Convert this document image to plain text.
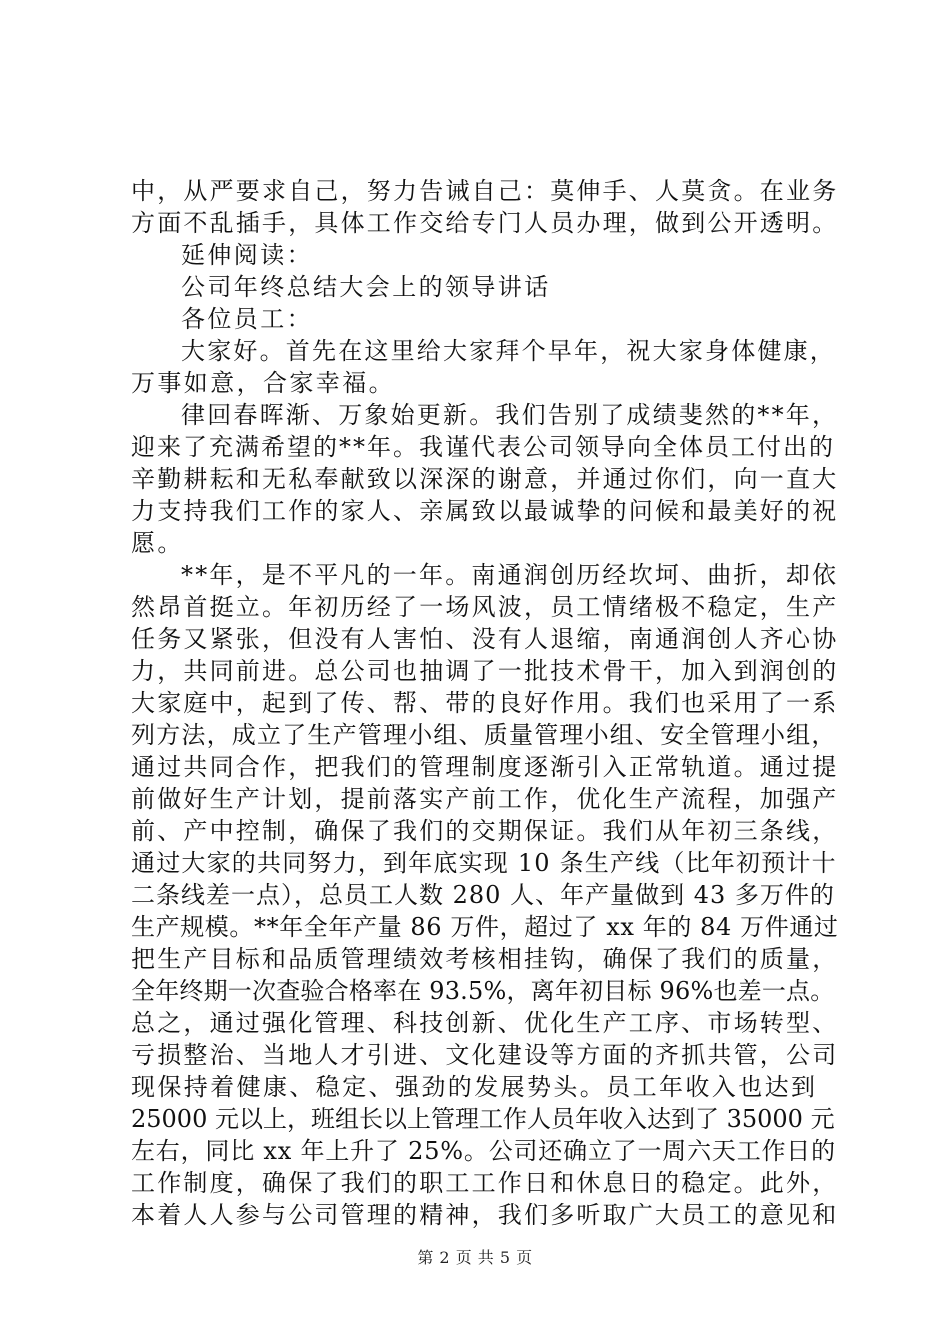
中，从严要求自己，努力告诫自己：莫伸手、人莫贪。在业务
方面不乱插手，具体工作交给专门人员办理，做到公开透明。
延伸阅读：
公司年终总结大会上的领导讲话
各位员工：
大家好。首先在这里给大家拜个早年，祝大家身体健康，
万事如意，合家幸福。
律回春晖渐、万象始更新。我们告别了成绩斐然的**年，
迎来了充满希望的**年。我谨代表公司领导向全体员工付出的
辛勤耕耘和无私奉献致以深深的谢意，并通过你们，向一直大
力支持我们工作的家人、亲属致以最诚挚的问候和最美好的祝
愿。
**年，是不平凡的一年。南通润创历经坎坷、曲折，却依
然昂首挺立。年初历经了一场风波，员工情绪极不稳定，生产
任务又紧张，但没有人害怕、没有人退缩，南通润创人齐心协
力，共同前进。总公司也抽调了一批技术骨干，加入到润创的
大家庭中，起到了传、帮、带的良好作用。我们也采用了一系
列方法，成立了生产管理小组、质量管理小组、安全管理小组，
通过共同合作，把我们的管理制度逐渐引入正常轨道。通过提
前做好生产计划，提前落实产前工作，优化生产流程，加强产
前、产中控制，确保了我们的交期保证。我们从年初三条线，
通过大家的共同努力，到年底实现 10 条生产线（比年初预计十
二条线差一点），总员工人数 280 人、年产量做到 43 多万件的
生产规模。**年全年产量 86 万件，超过了 xx 年的 84 万件通过
把生产目标和品质管理绩效考核相挂钩，确保了我们的质量，
全年终期一次查验合格率在 93.5%，离年初目标 96%也差一点。
总之，通过强化管理、科技创新、优化生产工序、市场转型、
亏损整治、当地人才引进、文化建设等方面的齐抓共管，公司
现保持着健康、稳定、强劲的发展势头。员工年收入也达到
25000 元以上，班组长以上管理工作人员年收入达到了 35000 元
左右，同比 xx 年上升了 25%。公司还确立了一周六天工作日的
工作制度，确保了我们的职工工作日和休息日的稳定。此外，
本着人人参与公司管理的精神，我们多听取广大员工的意见和
第 2 页 共 5 页
